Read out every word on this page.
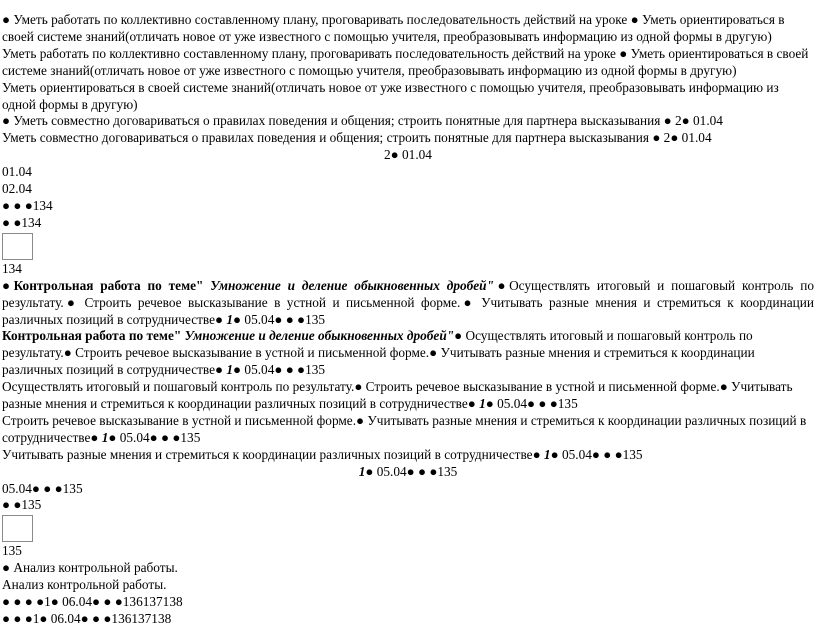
● Уметь работать по коллективно составленному плану, проговаривать последовательность действий на уроке ● Уметь ориентироваться в своей системе знаний(отличать новое от уже известного с помощью учителя, преобразовывать информацию из одной формы в другую)
Уметь работать по коллективно составленному плану, проговаривать последовательность действий на уроке ● Уметь ориентироваться в своей системе знаний(отличать новое от уже известного с помощью учителя, преобразовывать информацию из одной формы в другую)
Уметь ориентироваться в своей системе знаний(отличать новое от уже известного с помощью учителя, преобразовывать информацию из одной формы в другую)
● Уметь совместно договариваться о правилах поведения и общения; строить понятные для партнера высказывания ● 2● 01.04
Уметь совместно договариваться о правилах поведения и общения; строить понятные для партнера высказывания ● 2● 01.04
2● 01.04
01.04
02.04
● ● ●134
● ●134
134
●Контрольная работа по теме" Умножение и деление обыкновенных дробей"●Осуществлять итоговый и пошаговый контроль по результату.● Строить речевое высказывание в устной и письменной форме.● Учитывать разные мнения и стремиться к координации различных позиций в сотрудничестве● 1● 05.04● ● ●135
Контрольная работа по теме" Умножение и деление обыкновенных дробей"● Осуществлять итоговый и пошаговый контроль по результату.● Строить речевое высказывание в устной и письменной форме.● Учитывать разные мнения и стремиться к координации различных позиций в сотрудничестве● 1● 05.04● ● ●135
Осуществлять итоговый и пошаговый контроль по результату.● Строить речевое высказывание в устной и письменной форме.● Учитывать разные мнения и стремиться к координации различных позиций в сотрудничестве● 1● 05.04● ● ●135
Строить речевое высказывание в устной и письменной форме.● Учитывать разные мнения и стремиться к координации различных позиций в сотрудничестве● 1● 05.04● ● ●135
Учитывать разные мнения и стремиться к координации различных позиций в сотрудничестве● 1● 05.04● ● ●135
1● 05.04● ● ●135
05.04● ● ●135
● ●135
135
● Анализ контрольной работы.
Анализ контрольной работы.
● ● ● ●1● 06.04● ● ●136137138
● ● ●1● 06.04● ● ●136137138
